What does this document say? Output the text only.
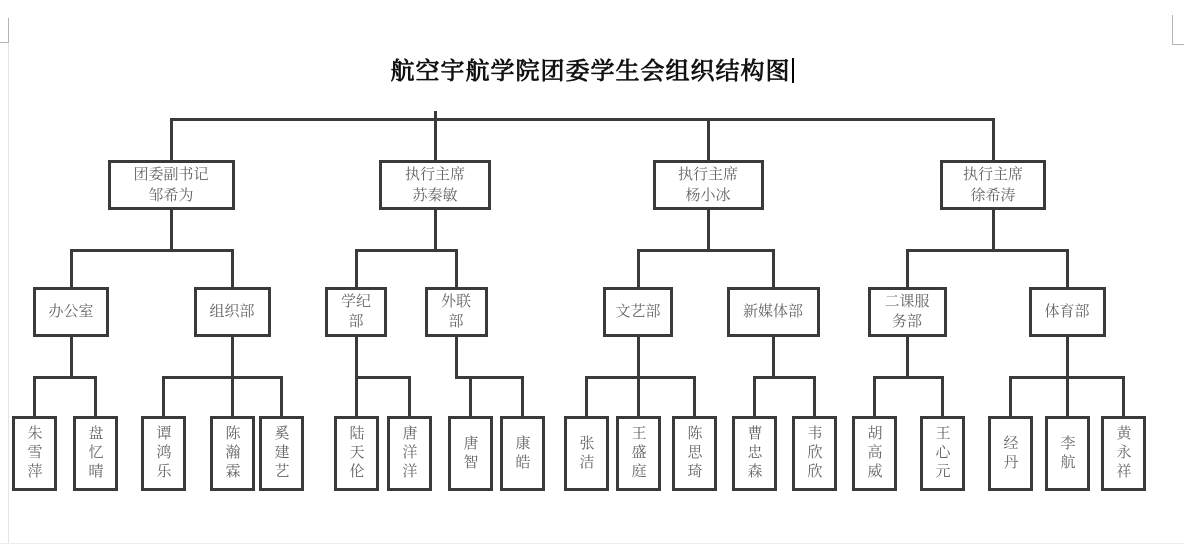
航空宇航学院团委学生会组织结构图
团委副书记
邹希为
办公室
朱雪萍	盘忆晴
组织部
谭鸿乐	陈瀚霖 奚建艺
执行主席
苏秦敏
学纪部
陆天伦 唐洋洋
外联部
唐智 康皓
执行主席
杨小冰
文艺部
张洁 王盛庭	陈思琦
新媒体部
曹忠森	韦欣欣
执行主席
徐希涛
二课服务部
胡高威	王心元
体育部
经丹	李航	黄永祥
